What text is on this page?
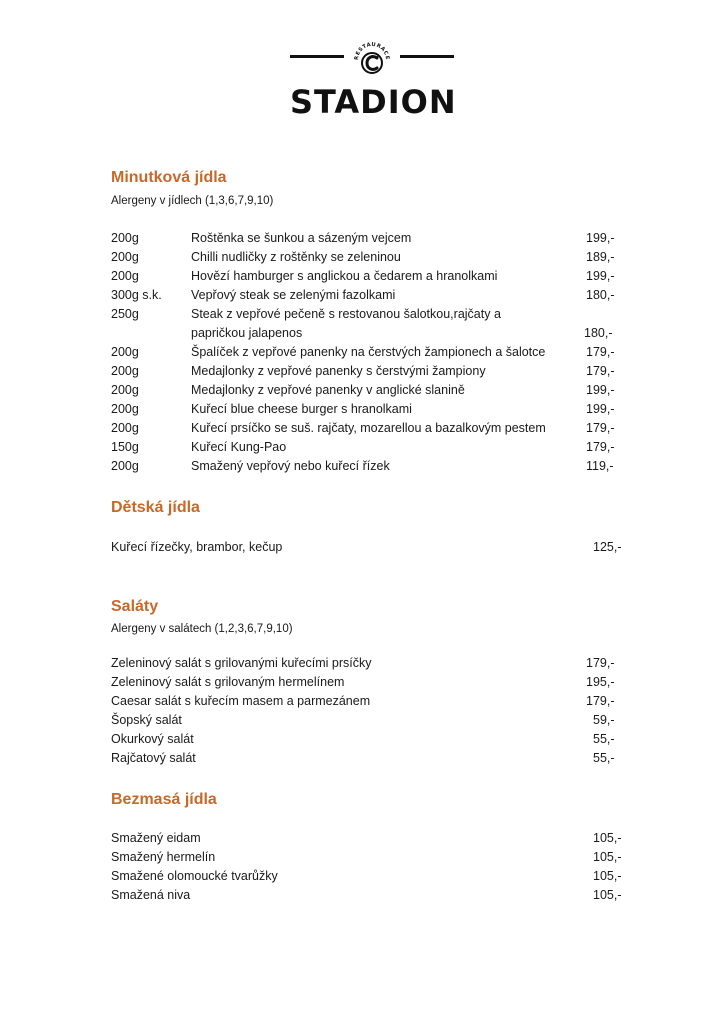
RESTAURACE
STADION
Minutková jídla
Alergeny v jídlech (1,3,6,7,9,10)
200g	Roštěnka se šunkou a sázeným vejcem	199,-
200g	Chilli nudličky z roštěnky se zeleninou	189,-
200g	Hovězí hamburger s anglickou a čedarem a hranolkami	199,-
300g s.k. Vepřový steak se zelenými fazolkami	180,-
250g	Steak z vepřové pečeně s restovanou šalotkou,rajčaty a
papričkou jalapenos	180,-
200g	Špalíček z vepřové panenky na čerstvých žampionech a šalotce	179,-
200g	Medajlonky z vepřové panenky s čerstvými žampiony	179,-
200g	Medajlonky z vepřové panenky v anglické slanině	199,-
200g	Kuřecí blue cheese burger s hranolkami	199,-
200g	Kuřecí prsíčko se suš. rajčaty, mozarellou a bazalkovým pestem	179,-
150g	Kuřecí Kung-Pao	179,-
200g	Smažený vepřový nebo kuřecí řízek	119,-
Dětská jídla
Kuřecí řízečky, brambor, kečup	125,-
Saláty
Alergeny v salátech (1,2,3,6,7,9,10)
Zeleninový salát s grilovanými kuřecími prsíčky	179,-
Zeleninový salát s grilovaným hermelínem	195,-
Caesar salát s kuřecím masem a parmezánem	179,-
Šopský salát	59,-
Okurkový salát	55,-
Rajčatový salát	55,-
Bezmasá jídla
Smažený eidam	105,-
Smažený hermelín	105,-
Smažené olomoucké tvarůžky	105,-
Smažená niva	105,-
